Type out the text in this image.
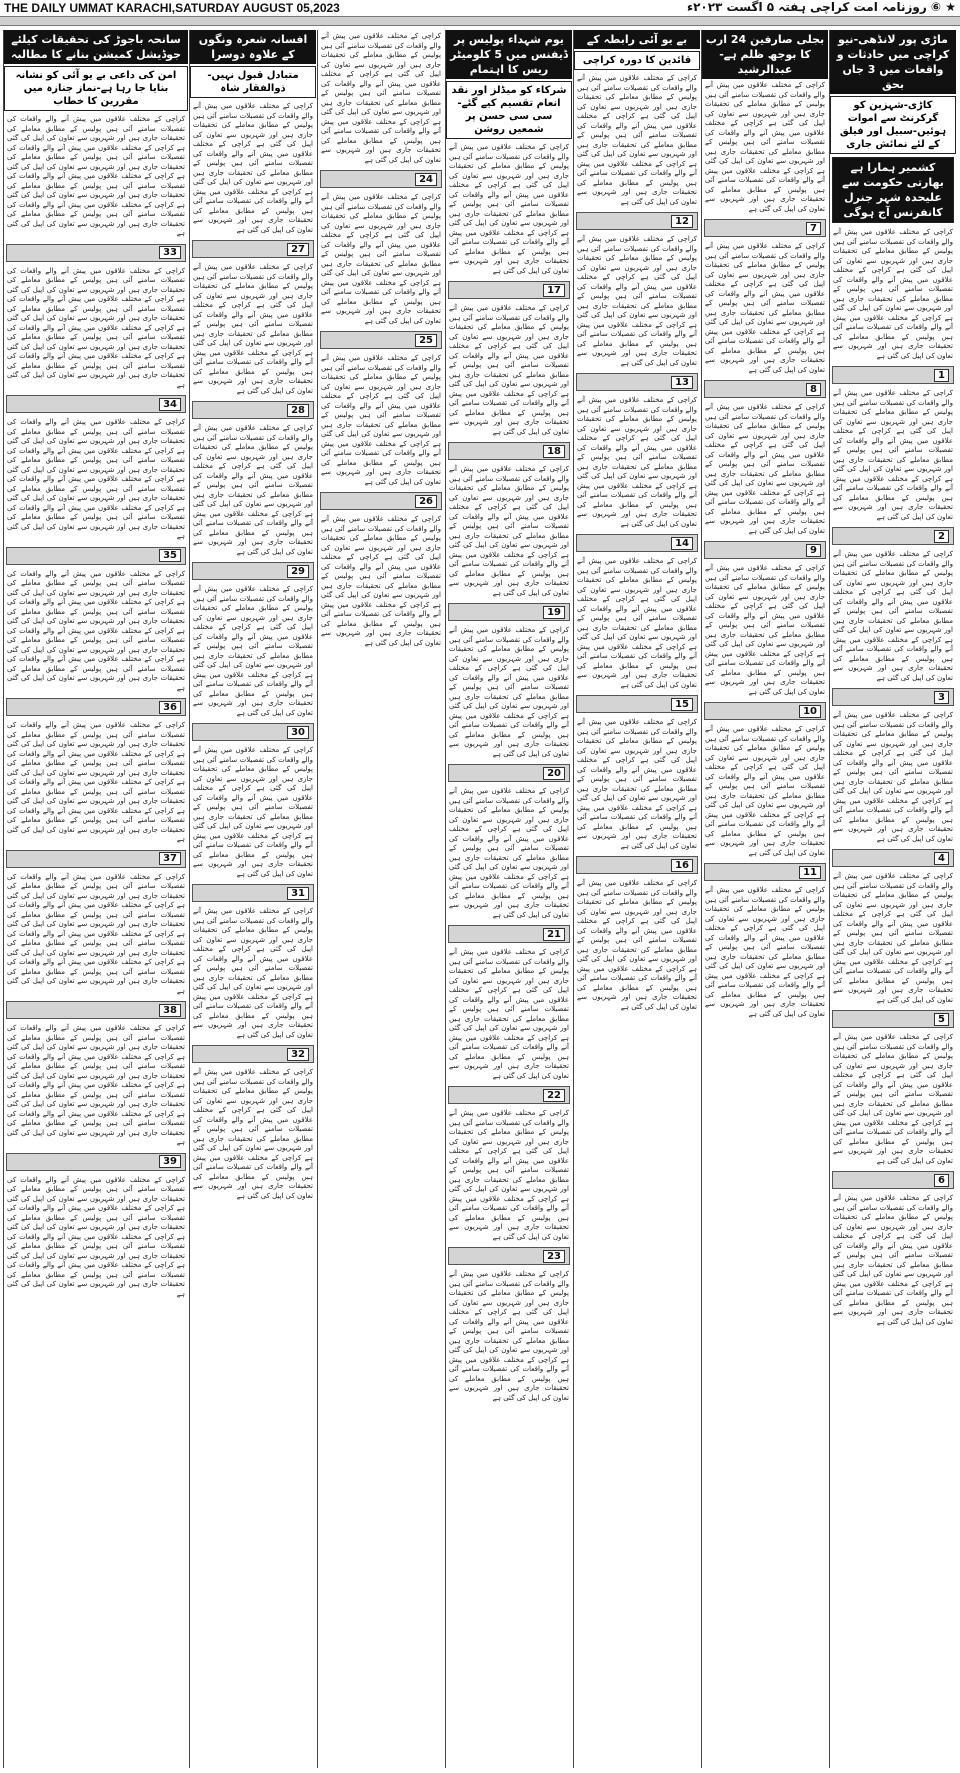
THE DAILY UMMAT KARACHI,SATURDAY AUGUST 05,2023	★ ⑥ روزنامہ امت کراچی ہفتہ ۵ اگست ۲۰۲۳ء
ماڑی پور لانڈھی-نیو کراچی میں حادثات و واقعات میں 3 جاں بحق
کاڑی-شہزین کو گرکرنٹ سے اموات ہوئیں-سبیل اور فیلق کے لئے نمائش جاری
کشمیر ہمارا ہے بھارتی حکومت سے علیحدہ شہر جنرل کانفرنس آج ہوگی
کراچی کے مختلف علاقوں میں پیش آنے والے واقعات کی تفصیلات سامنے آئی ہیں پولیس کے مطابق معاملے کی تحقیقات جاری ہیں اور شہریوں سے تعاون کی اپیل کی گئی ہے کراچی کے مختلف علاقوں میں پیش آنے والے واقعات کی تفصیلات سامنے آئی ہیں پولیس کے مطابق معاملے کی تحقیقات جاری ہیں اور شہریوں سے تعاون کی اپیل کی گئی ہے کراچی کے مختلف علاقوں میں پیش آنے والے واقعات کی تفصیلات سامنے آئی ہیں پولیس کے مطابق معاملے کی تحقیقات جاری ہیں اور شہریوں سے تعاون کی اپیل کی گئی ہے
1
کراچی کے مختلف علاقوں میں پیش آنے والے واقعات کی تفصیلات سامنے آئی ہیں پولیس کے مطابق معاملے کی تحقیقات جاری ہیں اور شہریوں سے تعاون کی اپیل کی گئی ہے کراچی کے مختلف علاقوں میں پیش آنے والے واقعات کی تفصیلات سامنے آئی ہیں پولیس کے مطابق معاملے کی تحقیقات جاری ہیں اور شہریوں سے تعاون کی اپیل کی گئی ہے کراچی کے مختلف علاقوں میں پیش آنے والے واقعات کی تفصیلات سامنے آئی ہیں پولیس کے مطابق معاملے کی تحقیقات جاری ہیں اور شہریوں سے تعاون کی اپیل کی گئی ہے
2
کراچی کے مختلف علاقوں میں پیش آنے والے واقعات کی تفصیلات سامنے آئی ہیں پولیس کے مطابق معاملے کی تحقیقات جاری ہیں اور شہریوں سے تعاون کی اپیل کی گئی ہے کراچی کے مختلف علاقوں میں پیش آنے والے واقعات کی تفصیلات سامنے آئی ہیں پولیس کے مطابق معاملے کی تحقیقات جاری ہیں اور شہریوں سے تعاون کی اپیل کی گئی ہے کراچی کے مختلف علاقوں میں پیش آنے والے واقعات کی تفصیلات سامنے آئی ہیں پولیس کے مطابق معاملے کی تحقیقات جاری ہیں اور شہریوں سے تعاون کی اپیل کی گئی ہے
3
کراچی کے مختلف علاقوں میں پیش آنے والے واقعات کی تفصیلات سامنے آئی ہیں پولیس کے مطابق معاملے کی تحقیقات جاری ہیں اور شہریوں سے تعاون کی اپیل کی گئی ہے کراچی کے مختلف علاقوں میں پیش آنے والے واقعات کی تفصیلات سامنے آئی ہیں پولیس کے مطابق معاملے کی تحقیقات جاری ہیں اور شہریوں سے تعاون کی اپیل کی گئی ہے کراچی کے مختلف علاقوں میں پیش آنے والے واقعات کی تفصیلات سامنے آئی ہیں پولیس کے مطابق معاملے کی تحقیقات جاری ہیں اور شہریوں سے تعاون کی اپیل کی گئی ہے
4
کراچی کے مختلف علاقوں میں پیش آنے والے واقعات کی تفصیلات سامنے آئی ہیں پولیس کے مطابق معاملے کی تحقیقات جاری ہیں اور شہریوں سے تعاون کی اپیل کی گئی ہے کراچی کے مختلف علاقوں میں پیش آنے والے واقعات کی تفصیلات سامنے آئی ہیں پولیس کے مطابق معاملے کی تحقیقات جاری ہیں اور شہریوں سے تعاون کی اپیل کی گئی ہے کراچی کے مختلف علاقوں میں پیش آنے والے واقعات کی تفصیلات سامنے آئی ہیں پولیس کے مطابق معاملے کی تحقیقات جاری ہیں اور شہریوں سے تعاون کی اپیل کی گئی ہے
5
کراچی کے مختلف علاقوں میں پیش آنے والے واقعات کی تفصیلات سامنے آئی ہیں پولیس کے مطابق معاملے کی تحقیقات جاری ہیں اور شہریوں سے تعاون کی اپیل کی گئی ہے کراچی کے مختلف علاقوں میں پیش آنے والے واقعات کی تفصیلات سامنے آئی ہیں پولیس کے مطابق معاملے کی تحقیقات جاری ہیں اور شہریوں سے تعاون کی اپیل کی گئی ہے کراچی کے مختلف علاقوں میں پیش آنے والے واقعات کی تفصیلات سامنے آئی ہیں پولیس کے مطابق معاملے کی تحقیقات جاری ہیں اور شہریوں سے تعاون کی اپیل کی گئی ہے
6
کراچی کے مختلف علاقوں میں پیش آنے والے واقعات کی تفصیلات سامنے آئی ہیں پولیس کے مطابق معاملے کی تحقیقات جاری ہیں اور شہریوں سے تعاون کی اپیل کی گئی ہے کراچی کے مختلف علاقوں میں پیش آنے والے واقعات کی تفصیلات سامنے آئی ہیں پولیس کے مطابق معاملے کی تحقیقات جاری ہیں اور شہریوں سے تعاون کی اپیل کی گئی ہے کراچی کے مختلف علاقوں میں پیش آنے والے واقعات کی تفصیلات سامنے آئی ہیں پولیس کے مطابق معاملے کی تحقیقات جاری ہیں اور شہریوں سے تعاون کی اپیل کی گئی ہے
بجلی صارفین 24 ارب کا بوجھ ظلم ہے-عبدالرشید
کراچی کے مختلف علاقوں میں پیش آنے والے واقعات کی تفصیلات سامنے آئی ہیں پولیس کے مطابق معاملے کی تحقیقات جاری ہیں اور شہریوں سے تعاون کی اپیل کی گئی ہے کراچی کے مختلف علاقوں میں پیش آنے والے واقعات کی تفصیلات سامنے آئی ہیں پولیس کے مطابق معاملے کی تحقیقات جاری ہیں اور شہریوں سے تعاون کی اپیل کی گئی ہے کراچی کے مختلف علاقوں میں پیش آنے والے واقعات کی تفصیلات سامنے آئی ہیں پولیس کے مطابق معاملے کی تحقیقات جاری ہیں اور شہریوں سے تعاون کی اپیل کی گئی ہے
7
کراچی کے مختلف علاقوں میں پیش آنے والے واقعات کی تفصیلات سامنے آئی ہیں پولیس کے مطابق معاملے کی تحقیقات جاری ہیں اور شہریوں سے تعاون کی اپیل کی گئی ہے کراچی کے مختلف علاقوں میں پیش آنے والے واقعات کی تفصیلات سامنے آئی ہیں پولیس کے مطابق معاملے کی تحقیقات جاری ہیں اور شہریوں سے تعاون کی اپیل کی گئی ہے کراچی کے مختلف علاقوں میں پیش آنے والے واقعات کی تفصیلات سامنے آئی ہیں پولیس کے مطابق معاملے کی تحقیقات جاری ہیں اور شہریوں سے تعاون کی اپیل کی گئی ہے
8
کراچی کے مختلف علاقوں میں پیش آنے والے واقعات کی تفصیلات سامنے آئی ہیں پولیس کے مطابق معاملے کی تحقیقات جاری ہیں اور شہریوں سے تعاون کی اپیل کی گئی ہے کراچی کے مختلف علاقوں میں پیش آنے والے واقعات کی تفصیلات سامنے آئی ہیں پولیس کے مطابق معاملے کی تحقیقات جاری ہیں اور شہریوں سے تعاون کی اپیل کی گئی ہے کراچی کے مختلف علاقوں میں پیش آنے والے واقعات کی تفصیلات سامنے آئی ہیں پولیس کے مطابق معاملے کی تحقیقات جاری ہیں اور شہریوں سے تعاون کی اپیل کی گئی ہے
9
کراچی کے مختلف علاقوں میں پیش آنے والے واقعات کی تفصیلات سامنے آئی ہیں پولیس کے مطابق معاملے کی تحقیقات جاری ہیں اور شہریوں سے تعاون کی اپیل کی گئی ہے کراچی کے مختلف علاقوں میں پیش آنے والے واقعات کی تفصیلات سامنے آئی ہیں پولیس کے مطابق معاملے کی تحقیقات جاری ہیں اور شہریوں سے تعاون کی اپیل کی گئی ہے کراچی کے مختلف علاقوں میں پیش آنے والے واقعات کی تفصیلات سامنے آئی ہیں پولیس کے مطابق معاملے کی تحقیقات جاری ہیں اور شہریوں سے تعاون کی اپیل کی گئی ہے
10
کراچی کے مختلف علاقوں میں پیش آنے والے واقعات کی تفصیلات سامنے آئی ہیں پولیس کے مطابق معاملے کی تحقیقات جاری ہیں اور شہریوں سے تعاون کی اپیل کی گئی ہے کراچی کے مختلف علاقوں میں پیش آنے والے واقعات کی تفصیلات سامنے آئی ہیں پولیس کے مطابق معاملے کی تحقیقات جاری ہیں اور شہریوں سے تعاون کی اپیل کی گئی ہے کراچی کے مختلف علاقوں میں پیش آنے والے واقعات کی تفصیلات سامنے آئی ہیں پولیس کے مطابق معاملے کی تحقیقات جاری ہیں اور شہریوں سے تعاون کی اپیل کی گئی ہے
11
کراچی کے مختلف علاقوں میں پیش آنے والے واقعات کی تفصیلات سامنے آئی ہیں پولیس کے مطابق معاملے کی تحقیقات جاری ہیں اور شہریوں سے تعاون کی اپیل کی گئی ہے کراچی کے مختلف علاقوں میں پیش آنے والے واقعات کی تفصیلات سامنے آئی ہیں پولیس کے مطابق معاملے کی تحقیقات جاری ہیں اور شہریوں سے تعاون کی اپیل کی گئی ہے کراچی کے مختلف علاقوں میں پیش آنے والے واقعات کی تفصیلات سامنے آئی ہیں پولیس کے مطابق معاملے کی تحقیقات جاری ہیں اور شہریوں سے تعاون کی اپیل کی گئی ہے
بے یو آئی رابطہ کے
قائدین کا دورہ کراچی
کراچی کے مختلف علاقوں میں پیش آنے والے واقعات کی تفصیلات سامنے آئی ہیں پولیس کے مطابق معاملے کی تحقیقات جاری ہیں اور شہریوں سے تعاون کی اپیل کی گئی ہے کراچی کے مختلف علاقوں میں پیش آنے والے واقعات کی تفصیلات سامنے آئی ہیں پولیس کے مطابق معاملے کی تحقیقات جاری ہیں اور شہریوں سے تعاون کی اپیل کی گئی ہے کراچی کے مختلف علاقوں میں پیش آنے والے واقعات کی تفصیلات سامنے آئی ہیں پولیس کے مطابق معاملے کی تحقیقات جاری ہیں اور شہریوں سے تعاون کی اپیل کی گئی ہے
12
کراچی کے مختلف علاقوں میں پیش آنے والے واقعات کی تفصیلات سامنے آئی ہیں پولیس کے مطابق معاملے کی تحقیقات جاری ہیں اور شہریوں سے تعاون کی اپیل کی گئی ہے کراچی کے مختلف علاقوں میں پیش آنے والے واقعات کی تفصیلات سامنے آئی ہیں پولیس کے مطابق معاملے کی تحقیقات جاری ہیں اور شہریوں سے تعاون کی اپیل کی گئی ہے کراچی کے مختلف علاقوں میں پیش آنے والے واقعات کی تفصیلات سامنے آئی ہیں پولیس کے مطابق معاملے کی تحقیقات جاری ہیں اور شہریوں سے تعاون کی اپیل کی گئی ہے
13
کراچی کے مختلف علاقوں میں پیش آنے والے واقعات کی تفصیلات سامنے آئی ہیں پولیس کے مطابق معاملے کی تحقیقات جاری ہیں اور شہریوں سے تعاون کی اپیل کی گئی ہے کراچی کے مختلف علاقوں میں پیش آنے والے واقعات کی تفصیلات سامنے آئی ہیں پولیس کے مطابق معاملے کی تحقیقات جاری ہیں اور شہریوں سے تعاون کی اپیل کی گئی ہے کراچی کے مختلف علاقوں میں پیش آنے والے واقعات کی تفصیلات سامنے آئی ہیں پولیس کے مطابق معاملے کی تحقیقات جاری ہیں اور شہریوں سے تعاون کی اپیل کی گئی ہے
14
کراچی کے مختلف علاقوں میں پیش آنے والے واقعات کی تفصیلات سامنے آئی ہیں پولیس کے مطابق معاملے کی تحقیقات جاری ہیں اور شہریوں سے تعاون کی اپیل کی گئی ہے کراچی کے مختلف علاقوں میں پیش آنے والے واقعات کی تفصیلات سامنے آئی ہیں پولیس کے مطابق معاملے کی تحقیقات جاری ہیں اور شہریوں سے تعاون کی اپیل کی گئی ہے کراچی کے مختلف علاقوں میں پیش آنے والے واقعات کی تفصیلات سامنے آئی ہیں پولیس کے مطابق معاملے کی تحقیقات جاری ہیں اور شہریوں سے تعاون کی اپیل کی گئی ہے
15
کراچی کے مختلف علاقوں میں پیش آنے والے واقعات کی تفصیلات سامنے آئی ہیں پولیس کے مطابق معاملے کی تحقیقات جاری ہیں اور شہریوں سے تعاون کی اپیل کی گئی ہے کراچی کے مختلف علاقوں میں پیش آنے والے واقعات کی تفصیلات سامنے آئی ہیں پولیس کے مطابق معاملے کی تحقیقات جاری ہیں اور شہریوں سے تعاون کی اپیل کی گئی ہے کراچی کے مختلف علاقوں میں پیش آنے والے واقعات کی تفصیلات سامنے آئی ہیں پولیس کے مطابق معاملے کی تحقیقات جاری ہیں اور شہریوں سے تعاون کی اپیل کی گئی ہے
16
کراچی کے مختلف علاقوں میں پیش آنے والے واقعات کی تفصیلات سامنے آئی ہیں پولیس کے مطابق معاملے کی تحقیقات جاری ہیں اور شہریوں سے تعاون کی اپیل کی گئی ہے کراچی کے مختلف علاقوں میں پیش آنے والے واقعات کی تفصیلات سامنے آئی ہیں پولیس کے مطابق معاملے کی تحقیقات جاری ہیں اور شہریوں سے تعاون کی اپیل کی گئی ہے کراچی کے مختلف علاقوں میں پیش آنے والے واقعات کی تفصیلات سامنے آئی ہیں پولیس کے مطابق معاملے کی تحقیقات جاری ہیں اور شہریوں سے تعاون کی اپیل کی گئی ہے
یوم شہداء پولیس پر ڈیفنس میں 5 کلومیٹر ریس کا اہتمام
شرکاء کو میڈلز اور نقد انعام تقسیم کیے گئے-سی سی حسن پر شمعیں روشن
کراچی کے مختلف علاقوں میں پیش آنے والے واقعات کی تفصیلات سامنے آئی ہیں پولیس کے مطابق معاملے کی تحقیقات جاری ہیں اور شہریوں سے تعاون کی اپیل کی گئی ہے کراچی کے مختلف علاقوں میں پیش آنے والے واقعات کی تفصیلات سامنے آئی ہیں پولیس کے مطابق معاملے کی تحقیقات جاری ہیں اور شہریوں سے تعاون کی اپیل کی گئی ہے کراچی کے مختلف علاقوں میں پیش آنے والے واقعات کی تفصیلات سامنے آئی ہیں پولیس کے مطابق معاملے کی تحقیقات جاری ہیں اور شہریوں سے تعاون کی اپیل کی گئی ہے
17
کراچی کے مختلف علاقوں میں پیش آنے والے واقعات کی تفصیلات سامنے آئی ہیں پولیس کے مطابق معاملے کی تحقیقات جاری ہیں اور شہریوں سے تعاون کی اپیل کی گئی ہے کراچی کے مختلف علاقوں میں پیش آنے والے واقعات کی تفصیلات سامنے آئی ہیں پولیس کے مطابق معاملے کی تحقیقات جاری ہیں اور شہریوں سے تعاون کی اپیل کی گئی ہے کراچی کے مختلف علاقوں میں پیش آنے والے واقعات کی تفصیلات سامنے آئی ہیں پولیس کے مطابق معاملے کی تحقیقات جاری ہیں اور شہریوں سے تعاون کی اپیل کی گئی ہے
18
کراچی کے مختلف علاقوں میں پیش آنے والے واقعات کی تفصیلات سامنے آئی ہیں پولیس کے مطابق معاملے کی تحقیقات جاری ہیں اور شہریوں سے تعاون کی اپیل کی گئی ہے کراچی کے مختلف علاقوں میں پیش آنے والے واقعات کی تفصیلات سامنے آئی ہیں پولیس کے مطابق معاملے کی تحقیقات جاری ہیں اور شہریوں سے تعاون کی اپیل کی گئی ہے کراچی کے مختلف علاقوں میں پیش آنے والے واقعات کی تفصیلات سامنے آئی ہیں پولیس کے مطابق معاملے کی تحقیقات جاری ہیں اور شہریوں سے تعاون کی اپیل کی گئی ہے
19
کراچی کے مختلف علاقوں میں پیش آنے والے واقعات کی تفصیلات سامنے آئی ہیں پولیس کے مطابق معاملے کی تحقیقات جاری ہیں اور شہریوں سے تعاون کی اپیل کی گئی ہے کراچی کے مختلف علاقوں میں پیش آنے والے واقعات کی تفصیلات سامنے آئی ہیں پولیس کے مطابق معاملے کی تحقیقات جاری ہیں اور شہریوں سے تعاون کی اپیل کی گئی ہے کراچی کے مختلف علاقوں میں پیش آنے والے واقعات کی تفصیلات سامنے آئی ہیں پولیس کے مطابق معاملے کی تحقیقات جاری ہیں اور شہریوں سے تعاون کی اپیل کی گئی ہے
20
کراچی کے مختلف علاقوں میں پیش آنے والے واقعات کی تفصیلات سامنے آئی ہیں پولیس کے مطابق معاملے کی تحقیقات جاری ہیں اور شہریوں سے تعاون کی اپیل کی گئی ہے کراچی کے مختلف علاقوں میں پیش آنے والے واقعات کی تفصیلات سامنے آئی ہیں پولیس کے مطابق معاملے کی تحقیقات جاری ہیں اور شہریوں سے تعاون کی اپیل کی گئی ہے کراچی کے مختلف علاقوں میں پیش آنے والے واقعات کی تفصیلات سامنے آئی ہیں پولیس کے مطابق معاملے کی تحقیقات جاری ہیں اور شہریوں سے تعاون کی اپیل کی گئی ہے
21
کراچی کے مختلف علاقوں میں پیش آنے والے واقعات کی تفصیلات سامنے آئی ہیں پولیس کے مطابق معاملے کی تحقیقات جاری ہیں اور شہریوں سے تعاون کی اپیل کی گئی ہے کراچی کے مختلف علاقوں میں پیش آنے والے واقعات کی تفصیلات سامنے آئی ہیں پولیس کے مطابق معاملے کی تحقیقات جاری ہیں اور شہریوں سے تعاون کی اپیل کی گئی ہے کراچی کے مختلف علاقوں میں پیش آنے والے واقعات کی تفصیلات سامنے آئی ہیں پولیس کے مطابق معاملے کی تحقیقات جاری ہیں اور شہریوں سے تعاون کی اپیل کی گئی ہے
22
کراچی کے مختلف علاقوں میں پیش آنے والے واقعات کی تفصیلات سامنے آئی ہیں پولیس کے مطابق معاملے کی تحقیقات جاری ہیں اور شہریوں سے تعاون کی اپیل کی گئی ہے کراچی کے مختلف علاقوں میں پیش آنے والے واقعات کی تفصیلات سامنے آئی ہیں پولیس کے مطابق معاملے کی تحقیقات جاری ہیں اور شہریوں سے تعاون کی اپیل کی گئی ہے کراچی کے مختلف علاقوں میں پیش آنے والے واقعات کی تفصیلات سامنے آئی ہیں پولیس کے مطابق معاملے کی تحقیقات جاری ہیں اور شہریوں سے تعاون کی اپیل کی گئی ہے
23
کراچی کے مختلف علاقوں میں پیش آنے والے واقعات کی تفصیلات سامنے آئی ہیں پولیس کے مطابق معاملے کی تحقیقات جاری ہیں اور شہریوں سے تعاون کی اپیل کی گئی ہے کراچی کے مختلف علاقوں میں پیش آنے والے واقعات کی تفصیلات سامنے آئی ہیں پولیس کے مطابق معاملے کی تحقیقات جاری ہیں اور شہریوں سے تعاون کی اپیل کی گئی ہے کراچی کے مختلف علاقوں میں پیش آنے والے واقعات کی تفصیلات سامنے آئی ہیں پولیس کے مطابق معاملے کی تحقیقات جاری ہیں اور شہریوں سے تعاون کی اپیل کی گئی ہے
کراچی کے مختلف علاقوں میں پیش آنے والے واقعات کی تفصیلات سامنے آئی ہیں پولیس کے مطابق معاملے کی تحقیقات جاری ہیں اور شہریوں سے تعاون کی اپیل کی گئی ہے کراچی کے مختلف علاقوں میں پیش آنے والے واقعات کی تفصیلات سامنے آئی ہیں پولیس کے مطابق معاملے کی تحقیقات جاری ہیں اور شہریوں سے تعاون کی اپیل کی گئی ہے کراچی کے مختلف علاقوں میں پیش آنے والے واقعات کی تفصیلات سامنے آئی ہیں پولیس کے مطابق معاملے کی تحقیقات جاری ہیں اور شہریوں سے تعاون کی اپیل کی گئی ہے
24
کراچی کے مختلف علاقوں میں پیش آنے والے واقعات کی تفصیلات سامنے آئی ہیں پولیس کے مطابق معاملے کی تحقیقات جاری ہیں اور شہریوں سے تعاون کی اپیل کی گئی ہے کراچی کے مختلف علاقوں میں پیش آنے والے واقعات کی تفصیلات سامنے آئی ہیں پولیس کے مطابق معاملے کی تحقیقات جاری ہیں اور شہریوں سے تعاون کی اپیل کی گئی ہے کراچی کے مختلف علاقوں میں پیش آنے والے واقعات کی تفصیلات سامنے آئی ہیں پولیس کے مطابق معاملے کی تحقیقات جاری ہیں اور شہریوں سے تعاون کی اپیل کی گئی ہے
25
کراچی کے مختلف علاقوں میں پیش آنے والے واقعات کی تفصیلات سامنے آئی ہیں پولیس کے مطابق معاملے کی تحقیقات جاری ہیں اور شہریوں سے تعاون کی اپیل کی گئی ہے کراچی کے مختلف علاقوں میں پیش آنے والے واقعات کی تفصیلات سامنے آئی ہیں پولیس کے مطابق معاملے کی تحقیقات جاری ہیں اور شہریوں سے تعاون کی اپیل کی گئی ہے کراچی کے مختلف علاقوں میں پیش آنے والے واقعات کی تفصیلات سامنے آئی ہیں پولیس کے مطابق معاملے کی تحقیقات جاری ہیں اور شہریوں سے تعاون کی اپیل کی گئی ہے
26
کراچی کے مختلف علاقوں میں پیش آنے والے واقعات کی تفصیلات سامنے آئی ہیں پولیس کے مطابق معاملے کی تحقیقات جاری ہیں اور شہریوں سے تعاون کی اپیل کی گئی ہے کراچی کے مختلف علاقوں میں پیش آنے والے واقعات کی تفصیلات سامنے آئی ہیں پولیس کے مطابق معاملے کی تحقیقات جاری ہیں اور شہریوں سے تعاون کی اپیل کی گئی ہے کراچی کے مختلف علاقوں میں پیش آنے والے واقعات کی تفصیلات سامنے آئی ہیں پولیس کے مطابق معاملے کی تحقیقات جاری ہیں اور شہریوں سے تعاون کی اپیل کی گئی ہے
افسانہ شعرہ ونگوں کے علاوہ دوسرا
متبادل قبول نہیں-ذوالفقار شاہ
کراچی کے مختلف علاقوں میں پیش آنے والے واقعات کی تفصیلات سامنے آئی ہیں پولیس کے مطابق معاملے کی تحقیقات جاری ہیں اور شہریوں سے تعاون کی اپیل کی گئی ہے کراچی کے مختلف علاقوں میں پیش آنے والے واقعات کی تفصیلات سامنے آئی ہیں پولیس کے مطابق معاملے کی تحقیقات جاری ہیں اور شہریوں سے تعاون کی اپیل کی گئی ہے کراچی کے مختلف علاقوں میں پیش آنے والے واقعات کی تفصیلات سامنے آئی ہیں پولیس کے مطابق معاملے کی تحقیقات جاری ہیں اور شہریوں سے تعاون کی اپیل کی گئی ہے
27
کراچی کے مختلف علاقوں میں پیش آنے والے واقعات کی تفصیلات سامنے آئی ہیں پولیس کے مطابق معاملے کی تحقیقات جاری ہیں اور شہریوں سے تعاون کی اپیل کی گئی ہے کراچی کے مختلف علاقوں میں پیش آنے والے واقعات کی تفصیلات سامنے آئی ہیں پولیس کے مطابق معاملے کی تحقیقات جاری ہیں اور شہریوں سے تعاون کی اپیل کی گئی ہے کراچی کے مختلف علاقوں میں پیش آنے والے واقعات کی تفصیلات سامنے آئی ہیں پولیس کے مطابق معاملے کی تحقیقات جاری ہیں اور شہریوں سے تعاون کی اپیل کی گئی ہے
28
کراچی کے مختلف علاقوں میں پیش آنے والے واقعات کی تفصیلات سامنے آئی ہیں پولیس کے مطابق معاملے کی تحقیقات جاری ہیں اور شہریوں سے تعاون کی اپیل کی گئی ہے کراچی کے مختلف علاقوں میں پیش آنے والے واقعات کی تفصیلات سامنے آئی ہیں پولیس کے مطابق معاملے کی تحقیقات جاری ہیں اور شہریوں سے تعاون کی اپیل کی گئی ہے کراچی کے مختلف علاقوں میں پیش آنے والے واقعات کی تفصیلات سامنے آئی ہیں پولیس کے مطابق معاملے کی تحقیقات جاری ہیں اور شہریوں سے تعاون کی اپیل کی گئی ہے
29
کراچی کے مختلف علاقوں میں پیش آنے والے واقعات کی تفصیلات سامنے آئی ہیں پولیس کے مطابق معاملے کی تحقیقات جاری ہیں اور شہریوں سے تعاون کی اپیل کی گئی ہے کراچی کے مختلف علاقوں میں پیش آنے والے واقعات کی تفصیلات سامنے آئی ہیں پولیس کے مطابق معاملے کی تحقیقات جاری ہیں اور شہریوں سے تعاون کی اپیل کی گئی ہے کراچی کے مختلف علاقوں میں پیش آنے والے واقعات کی تفصیلات سامنے آئی ہیں پولیس کے مطابق معاملے کی تحقیقات جاری ہیں اور شہریوں سے تعاون کی اپیل کی گئی ہے
30
کراچی کے مختلف علاقوں میں پیش آنے والے واقعات کی تفصیلات سامنے آئی ہیں پولیس کے مطابق معاملے کی تحقیقات جاری ہیں اور شہریوں سے تعاون کی اپیل کی گئی ہے کراچی کے مختلف علاقوں میں پیش آنے والے واقعات کی تفصیلات سامنے آئی ہیں پولیس کے مطابق معاملے کی تحقیقات جاری ہیں اور شہریوں سے تعاون کی اپیل کی گئی ہے کراچی کے مختلف علاقوں میں پیش آنے والے واقعات کی تفصیلات سامنے آئی ہیں پولیس کے مطابق معاملے کی تحقیقات جاری ہیں اور شہریوں سے تعاون کی اپیل کی گئی ہے
31
کراچی کے مختلف علاقوں میں پیش آنے والے واقعات کی تفصیلات سامنے آئی ہیں پولیس کے مطابق معاملے کی تحقیقات جاری ہیں اور شہریوں سے تعاون کی اپیل کی گئی ہے کراچی کے مختلف علاقوں میں پیش آنے والے واقعات کی تفصیلات سامنے آئی ہیں پولیس کے مطابق معاملے کی تحقیقات جاری ہیں اور شہریوں سے تعاون کی اپیل کی گئی ہے کراچی کے مختلف علاقوں میں پیش آنے والے واقعات کی تفصیلات سامنے آئی ہیں پولیس کے مطابق معاملے کی تحقیقات جاری ہیں اور شہریوں سے تعاون کی اپیل کی گئی ہے
32
کراچی کے مختلف علاقوں میں پیش آنے والے واقعات کی تفصیلات سامنے آئی ہیں پولیس کے مطابق معاملے کی تحقیقات جاری ہیں اور شہریوں سے تعاون کی اپیل کی گئی ہے کراچی کے مختلف علاقوں میں پیش آنے والے واقعات کی تفصیلات سامنے آئی ہیں پولیس کے مطابق معاملے کی تحقیقات جاری ہیں اور شہریوں سے تعاون کی اپیل کی گئی ہے کراچی کے مختلف علاقوں میں پیش آنے والے واقعات کی تفصیلات سامنے آئی ہیں پولیس کے مطابق معاملے کی تحقیقات جاری ہیں اور شہریوں سے تعاون کی اپیل کی گئی ہے
سانحہ باجوڑ کی تحقیقات کیلئے جوڈیشل کمیشن بنانے کا مطالبہ
امن کی داعی بے یو آئی کو نشانہ بنایا جا رہا ہے-نماز جنازہ میں مقررین کا خطاب
کراچی کے مختلف علاقوں میں پیش آنے والے واقعات کی تفصیلات سامنے آئی ہیں پولیس کے مطابق معاملے کی تحقیقات جاری ہیں اور شہریوں سے تعاون کی اپیل کی گئی ہے کراچی کے مختلف علاقوں میں پیش آنے والے واقعات کی تفصیلات سامنے آئی ہیں پولیس کے مطابق معاملے کی تحقیقات جاری ہیں اور شہریوں سے تعاون کی اپیل کی گئی ہے کراچی کے مختلف علاقوں میں پیش آنے والے واقعات کی تفصیلات سامنے آئی ہیں پولیس کے مطابق معاملے کی تحقیقات جاری ہیں اور شہریوں سے تعاون کی اپیل کی گئی ہے کراچی کے مختلف علاقوں میں پیش آنے والے واقعات کی تفصیلات سامنے آئی ہیں پولیس کے مطابق معاملے کی تحقیقات جاری ہیں اور شہریوں سے تعاون کی اپیل کی گئی ہے
33
کراچی کے مختلف علاقوں میں پیش آنے والے واقعات کی تفصیلات سامنے آئی ہیں پولیس کے مطابق معاملے کی تحقیقات جاری ہیں اور شہریوں سے تعاون کی اپیل کی گئی ہے کراچی کے مختلف علاقوں میں پیش آنے والے واقعات کی تفصیلات سامنے آئی ہیں پولیس کے مطابق معاملے کی تحقیقات جاری ہیں اور شہریوں سے تعاون کی اپیل کی گئی ہے کراچی کے مختلف علاقوں میں پیش آنے والے واقعات کی تفصیلات سامنے آئی ہیں پولیس کے مطابق معاملے کی تحقیقات جاری ہیں اور شہریوں سے تعاون کی اپیل کی گئی ہے کراچی کے مختلف علاقوں میں پیش آنے والے واقعات کی تفصیلات سامنے آئی ہیں پولیس کے مطابق معاملے کی تحقیقات جاری ہیں اور شہریوں سے تعاون کی اپیل کی گئی ہے
34
کراچی کے مختلف علاقوں میں پیش آنے والے واقعات کی تفصیلات سامنے آئی ہیں پولیس کے مطابق معاملے کی تحقیقات جاری ہیں اور شہریوں سے تعاون کی اپیل کی گئی ہے کراچی کے مختلف علاقوں میں پیش آنے والے واقعات کی تفصیلات سامنے آئی ہیں پولیس کے مطابق معاملے کی تحقیقات جاری ہیں اور شہریوں سے تعاون کی اپیل کی گئی ہے کراچی کے مختلف علاقوں میں پیش آنے والے واقعات کی تفصیلات سامنے آئی ہیں پولیس کے مطابق معاملے کی تحقیقات جاری ہیں اور شہریوں سے تعاون کی اپیل کی گئی ہے کراچی کے مختلف علاقوں میں پیش آنے والے واقعات کی تفصیلات سامنے آئی ہیں پولیس کے مطابق معاملے کی تحقیقات جاری ہیں اور شہریوں سے تعاون کی اپیل کی گئی ہے
35
کراچی کے مختلف علاقوں میں پیش آنے والے واقعات کی تفصیلات سامنے آئی ہیں پولیس کے مطابق معاملے کی تحقیقات جاری ہیں اور شہریوں سے تعاون کی اپیل کی گئی ہے کراچی کے مختلف علاقوں میں پیش آنے والے واقعات کی تفصیلات سامنے آئی ہیں پولیس کے مطابق معاملے کی تحقیقات جاری ہیں اور شہریوں سے تعاون کی اپیل کی گئی ہے کراچی کے مختلف علاقوں میں پیش آنے والے واقعات کی تفصیلات سامنے آئی ہیں پولیس کے مطابق معاملے کی تحقیقات جاری ہیں اور شہریوں سے تعاون کی اپیل کی گئی ہے کراچی کے مختلف علاقوں میں پیش آنے والے واقعات کی تفصیلات سامنے آئی ہیں پولیس کے مطابق معاملے کی تحقیقات جاری ہیں اور شہریوں سے تعاون کی اپیل کی گئی ہے
36
کراچی کے مختلف علاقوں میں پیش آنے والے واقعات کی تفصیلات سامنے آئی ہیں پولیس کے مطابق معاملے کی تحقیقات جاری ہیں اور شہریوں سے تعاون کی اپیل کی گئی ہے کراچی کے مختلف علاقوں میں پیش آنے والے واقعات کی تفصیلات سامنے آئی ہیں پولیس کے مطابق معاملے کی تحقیقات جاری ہیں اور شہریوں سے تعاون کی اپیل کی گئی ہے کراچی کے مختلف علاقوں میں پیش آنے والے واقعات کی تفصیلات سامنے آئی ہیں پولیس کے مطابق معاملے کی تحقیقات جاری ہیں اور شہریوں سے تعاون کی اپیل کی گئی ہے کراچی کے مختلف علاقوں میں پیش آنے والے واقعات کی تفصیلات سامنے آئی ہیں پولیس کے مطابق معاملے کی تحقیقات جاری ہیں اور شہریوں سے تعاون کی اپیل کی گئی ہے
37
کراچی کے مختلف علاقوں میں پیش آنے والے واقعات کی تفصیلات سامنے آئی ہیں پولیس کے مطابق معاملے کی تحقیقات جاری ہیں اور شہریوں سے تعاون کی اپیل کی گئی ہے کراچی کے مختلف علاقوں میں پیش آنے والے واقعات کی تفصیلات سامنے آئی ہیں پولیس کے مطابق معاملے کی تحقیقات جاری ہیں اور شہریوں سے تعاون کی اپیل کی گئی ہے کراچی کے مختلف علاقوں میں پیش آنے والے واقعات کی تفصیلات سامنے آئی ہیں پولیس کے مطابق معاملے کی تحقیقات جاری ہیں اور شہریوں سے تعاون کی اپیل کی گئی ہے کراچی کے مختلف علاقوں میں پیش آنے والے واقعات کی تفصیلات سامنے آئی ہیں پولیس کے مطابق معاملے کی تحقیقات جاری ہیں اور شہریوں سے تعاون کی اپیل کی گئی ہے
38
کراچی کے مختلف علاقوں میں پیش آنے والے واقعات کی تفصیلات سامنے آئی ہیں پولیس کے مطابق معاملے کی تحقیقات جاری ہیں اور شہریوں سے تعاون کی اپیل کی گئی ہے کراچی کے مختلف علاقوں میں پیش آنے والے واقعات کی تفصیلات سامنے آئی ہیں پولیس کے مطابق معاملے کی تحقیقات جاری ہیں اور شہریوں سے تعاون کی اپیل کی گئی ہے کراچی کے مختلف علاقوں میں پیش آنے والے واقعات کی تفصیلات سامنے آئی ہیں پولیس کے مطابق معاملے کی تحقیقات جاری ہیں اور شہریوں سے تعاون کی اپیل کی گئی ہے کراچی کے مختلف علاقوں میں پیش آنے والے واقعات کی تفصیلات سامنے آئی ہیں پولیس کے مطابق معاملے کی تحقیقات جاری ہیں اور شہریوں سے تعاون کی اپیل کی گئی ہے
39
کراچی کے مختلف علاقوں میں پیش آنے والے واقعات کی تفصیلات سامنے آئی ہیں پولیس کے مطابق معاملے کی تحقیقات جاری ہیں اور شہریوں سے تعاون کی اپیل کی گئی ہے کراچی کے مختلف علاقوں میں پیش آنے والے واقعات کی تفصیلات سامنے آئی ہیں پولیس کے مطابق معاملے کی تحقیقات جاری ہیں اور شہریوں سے تعاون کی اپیل کی گئی ہے کراچی کے مختلف علاقوں میں پیش آنے والے واقعات کی تفصیلات سامنے آئی ہیں پولیس کے مطابق معاملے کی تحقیقات جاری ہیں اور شہریوں سے تعاون کی اپیل کی گئی ہے کراچی کے مختلف علاقوں میں پیش آنے والے واقعات کی تفصیلات سامنے آئی ہیں پولیس کے مطابق معاملے کی تحقیقات جاری ہیں اور شہریوں سے تعاون کی اپیل کی گئی ہے
